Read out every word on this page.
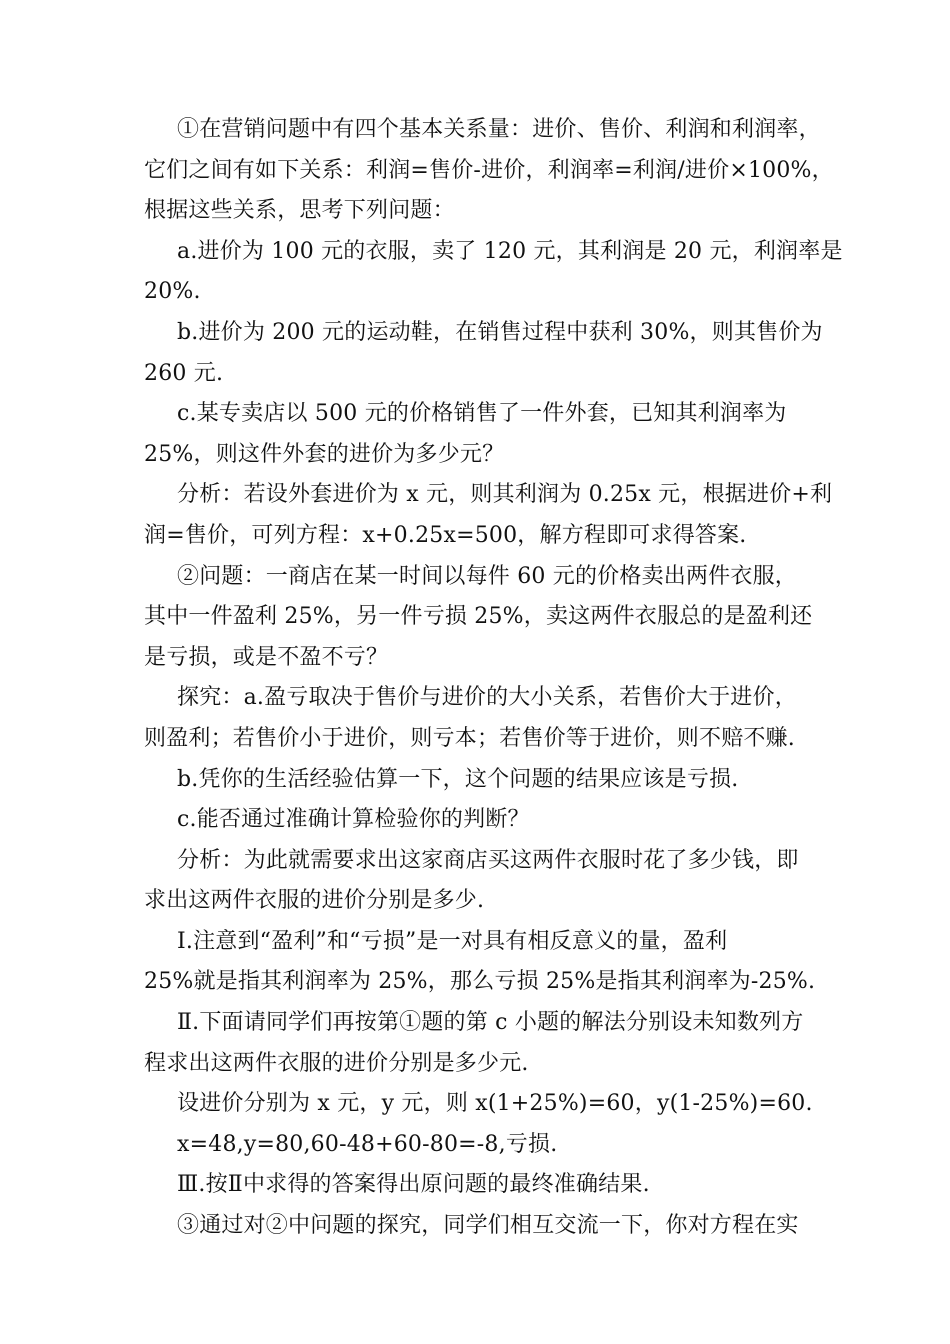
①在营销问题中有四个基本关系量：进价、售价、利润和利润率，
它们之间有如下关系：利润=售价-进价，利润率=利润/进价×100%，
根据这些关系，思考下列问题：
a.进价为 100 元的衣服，卖了 120 元，其利润是 20 元，利润率是
20%.
b.进价为 200 元的运动鞋，在销售过程中获利 30%，则其售价为
260 元.
c.某专卖店以 500 元的价格销售了一件外套，已知其利润率为
25%，则这件外套的进价为多少元？
分析：若设外套进价为 x 元，则其利润为 0.25x 元，根据进价+利
润=售价，可列方程：x+0.25x=500，解方程即可求得答案.
②问题：一商店在某一时间以每件 60 元的价格卖出两件衣服，
其中一件盈利 25%，另一件亏损 25%，卖这两件衣服总的是盈利还
是亏损，或是不盈不亏？
探究：a.盈亏取决于售价与进价的大小关系，若售价大于进价，
则盈利；若售价小于进价，则亏本；若售价等于进价，则不赔不赚.
b.凭你的生活经验估算一下，这个问题的结果应该是亏损.
c.能否通过准确计算检验你的判断？
分析：为此就需要求出这家商店买这两件衣服时花了多少钱，即
求出这两件衣服的进价分别是多少.
Ⅰ.注意到“盈利”和“亏损”是一对具有相反意义的量，盈利
25%就是指其利润率为 25%，那么亏损 25%是指其利润率为-25%.
Ⅱ.下面请同学们再按第①题的第 c 小题的解法分别设未知数列方
程求出这两件衣服的进价分别是多少元.
设进价分别为 x 元，y 元，则 x(1+25%)=60，y(1-25%)=60.
x=48,y=80,60-48+60-80=-8,亏损.
Ⅲ.按Ⅱ中求得的答案得出原问题的最终准确结果.
③通过对②中问题的探究，同学们相互交流一下，你对方程在实
